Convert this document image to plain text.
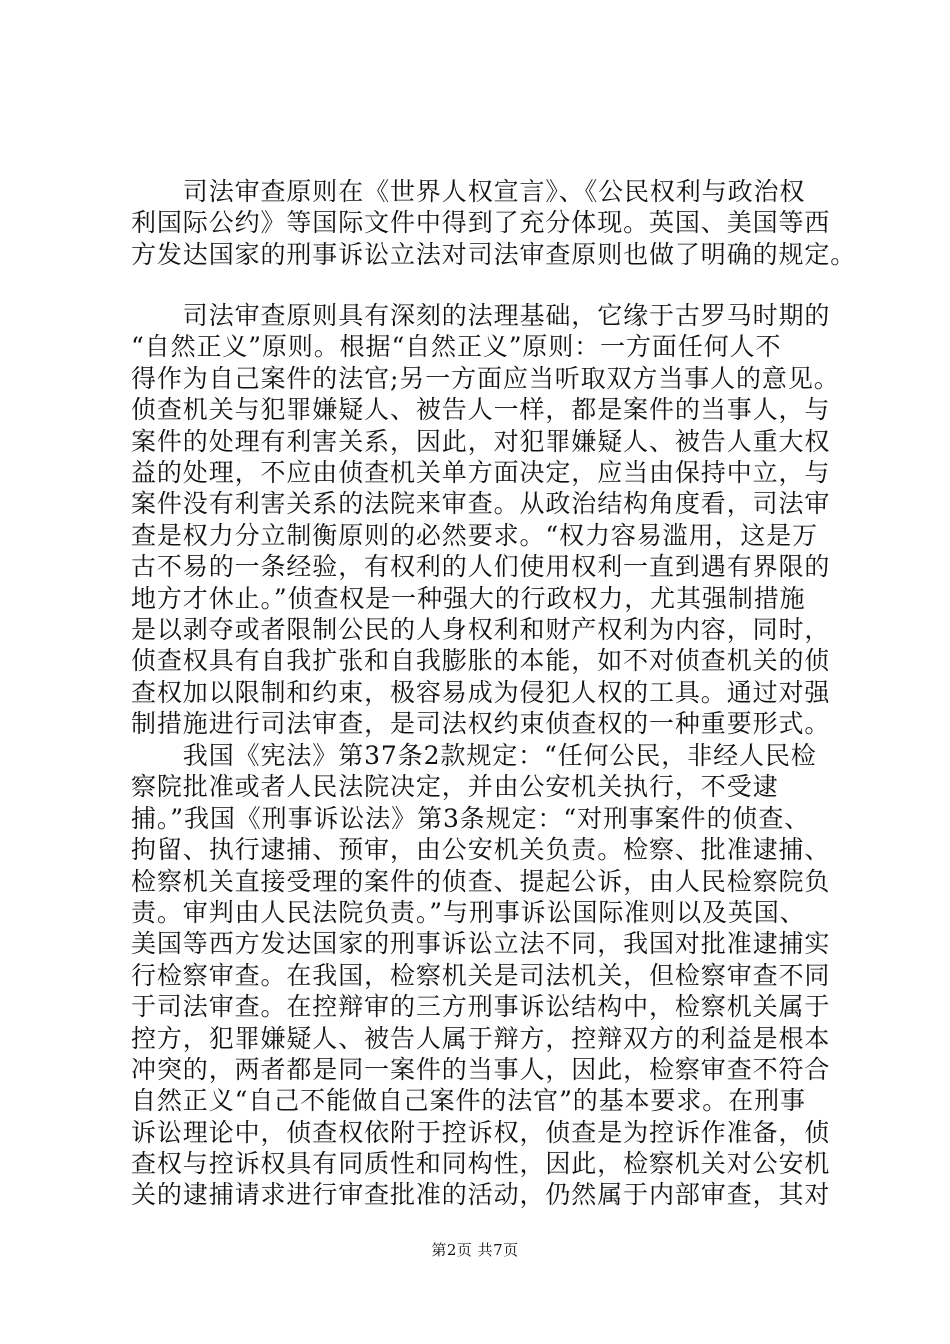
　　司法审查原则在《世界人权宣言》、《公民权利与政治权
利国际公约》等国际文件中得到了充分体现。英国、美国等西
方发达国家的刑事诉讼立法对司法审查原则也做了明确的规定。
　　司法审查原则具有深刻的法理基础，它缘于古罗马时期的
“自然正义”原则。根据“自然正义”原则：一方面任何人不
得作为自己案件的法官;另一方面应当听取双方当事人的意见。
侦查机关与犯罪嫌疑人、被告人一样，都是案件的当事人，与
案件的处理有利害关系，因此，对犯罪嫌疑人、被告人重大权
益的处理，不应由侦查机关单方面决定，应当由保持中立，与
案件没有利害关系的法院来审查。从政治结构角度看，司法审
查是权力分立制衡原则的必然要求。“权力容易滥用，这是万
古不易的一条经验，有权利的人们使用权利一直到遇有界限的
地方才休止。”侦查权是一种强大的行政权力，尤其强制措施
是以剥夺或者限制公民的人身权利和财产权利为内容，同时，
侦查权具有自我扩张和自我膨胀的本能，如不对侦查机关的侦
查权加以限制和约束，极容易成为侵犯人权的工具。通过对强
制措施进行司法审查，是司法权约束侦查权的一种重要形式。
　　我国《宪法》第37条2款规定：“任何公民，非经人民检
察院批准或者人民法院决定，并由公安机关执行，不受逮
捕。”我国《刑事诉讼法》第3条规定：“对刑事案件的侦查、
拘留、执行逮捕、预审，由公安机关负责。检察、批准逮捕、
检察机关直接受理的案件的侦查、提起公诉，由人民检察院负
责。审判由人民法院负责。”与刑事诉讼国际准则以及英国、
美国等西方发达国家的刑事诉讼立法不同，我国对批准逮捕实
行检察审查。在我国，检察机关是司法机关，但检察审查不同
于司法审查。在控辩审的三方刑事诉讼结构中，检察机关属于
控方，犯罪嫌疑人、被告人属于辩方，控辩双方的利益是根本
冲突的，两者都是同一案件的当事人，因此，检察审查不符合
自然正义“自己不能做自己案件的法官”的基本要求。在刑事
诉讼理论中，侦查权依附于控诉权，侦查是为控诉作准备，侦
查权与控诉权具有同质性和同构性，因此，检察机关对公安机
关的逮捕请求进行审查批准的活动，仍然属于内部审查，其对
第2页 共7页
